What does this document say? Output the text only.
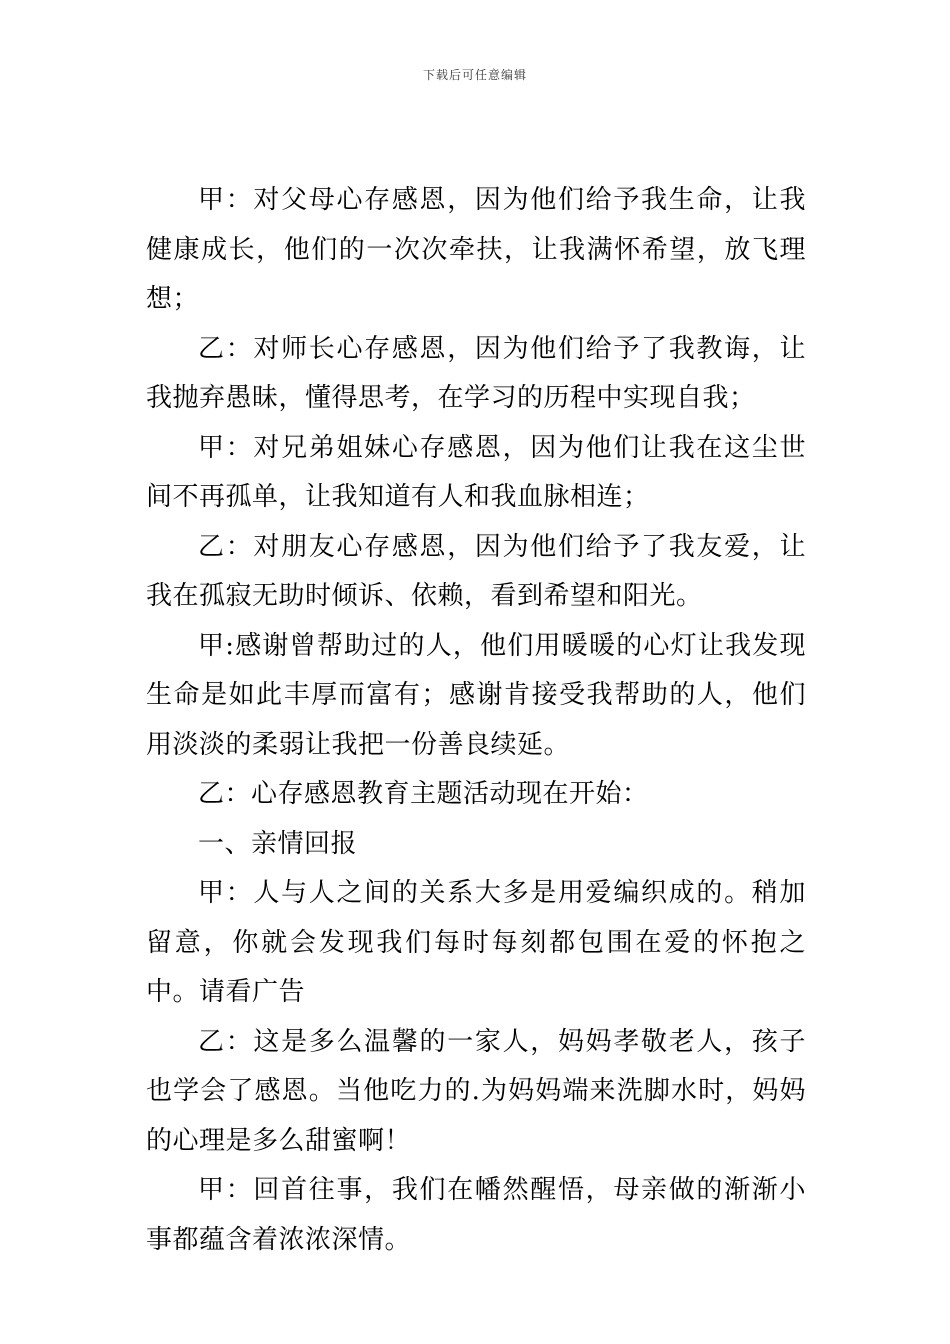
下载后可任意编辑

甲：对父母心存感恩，因为他们给予我生命，让我健康成长，他们的一次次牵扶，让我满怀希望，放飞理想；

乙：对师长心存感恩，因为他们给予了我教诲，让我抛弃愚昧，懂得思考，在学习的历程中实现自我；

甲：对兄弟姐妹心存感恩，因为他们让我在这尘世间不再孤单，让我知道有人和我血脉相连；

乙：对朋友心存感恩，因为他们给予了我友爱，让我在孤寂无助时倾诉、依赖，看到希望和阳光。

甲:感谢曾帮助过的人，他们用暖暖的心灯让我发现生命是如此丰厚而富有；感谢肯接受我帮助的人，他们用淡淡的柔弱让我把一份善良续延。

乙：心存感恩教育主题活动现在开始：

一、亲情回报

甲：人与人之间的关系大多是用爱编织成的。稍加留意，你就会发现我们每时每刻都包围在爱的怀抱之中。请看广告

乙：这是多么温馨的一家人，妈妈孝敬老人，孩子也学会了感恩。当他吃力的.为妈妈端来洗脚水时，妈妈的心理是多么甜蜜啊！

甲：回首往事，我们在幡然醒悟，母亲做的渐渐小事都蕴含着浓浓深情。
